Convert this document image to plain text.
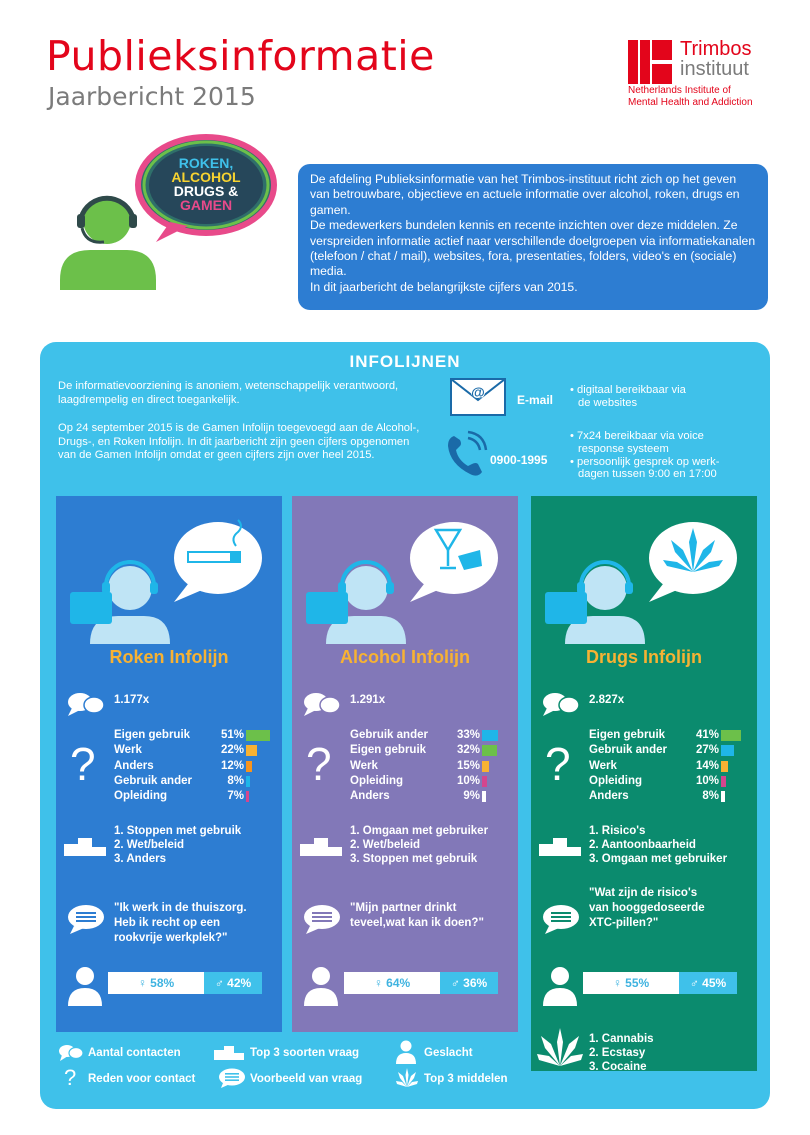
Publieksinformatie
Jaarbericht 2015
Trimbos
instituut
Netherlands Institute of
Mental Health and Addiction
ROKEN,
ALCOHOL
DRUGS &
GAMEN

De afdeling Publieksinformatie van het Trimbos-instituut richt zich op het geven van betrouwbare, objectieve en actuele informatie over alcohol, roken, drugs en gamen.

De medewerkers bundelen kennis en recente inzichten over deze middelen. Ze verspreiden informatie actief naar verschillende doelgroepen via informatiekanalen (telefoon / chat / mail), websites, fora, presentaties, folders, video's en (sociale) media.

In dit jaarbericht de belangrijkste cijfers van 2015.

INFOLIJNEN
De informatievoorziening is anoniem, wetenschappelijk verantwoord, laagdrempelig en direct toegankelijk.
Op 24 september 2015 is de Gamen Infolijn toegevoegd aan de Alcohol-, Drugs-, en Roken Infolijn. In dit jaarbericht zijn geen cijfers opgenomen van de Gamen Infolijn omdat er geen cijfers zijn over heel 2015.
@	E-mail
• digitaal bereikbaar via
de websites
0900-1995
• 7x24 bereikbaar via voice
response systeem
• persoonlijk gesprek op werk-
dagen tussen 9:00 en 17:00
Roken Infolijn
1.177x
?
Eigen gebruik	51%
Werk	22%
Anders	12%
Gebruik ander	8%
Opleiding	7%
1. Stoppen met gebruik
2. Wet/beleid
3. Anders
"Ik werk in de thuiszorg.
Heb ik recht op een
rookvrije werkplek?"
♀ 58%	♂ 42%
Alcohol Infolijn
1.291x
?
Gebruik ander	33%
Eigen gebruik	32%
Werk	15%
Opleiding	10%
Anders	9%
1. Omgaan met gebruiker
2. Wet/beleid
3. Stoppen met gebruik
"Mijn partner drinkt
teveel,wat kan ik doen?"
♀ 64%	♂ 36%
Drugs Infolijn
2.827x
?
Eigen gebruik	41%
Gebruik ander	27%
Werk	14%
Opleiding	10%
Anders	8%
1. Risico's
2. Aantoonbaarheid
3. Omgaan met gebruiker
"Wat zijn de risico's
van hooggedoseerde
XTC-pillen?"
♀ 55%	♂ 45%
1. Cannabis
2. Ecstasy
3. Cocaine
Aantal contacten
? Reden voor contact
Top 3 soorten vraag
Voorbeeld van vraag
Geslacht
Top 3 middelen
